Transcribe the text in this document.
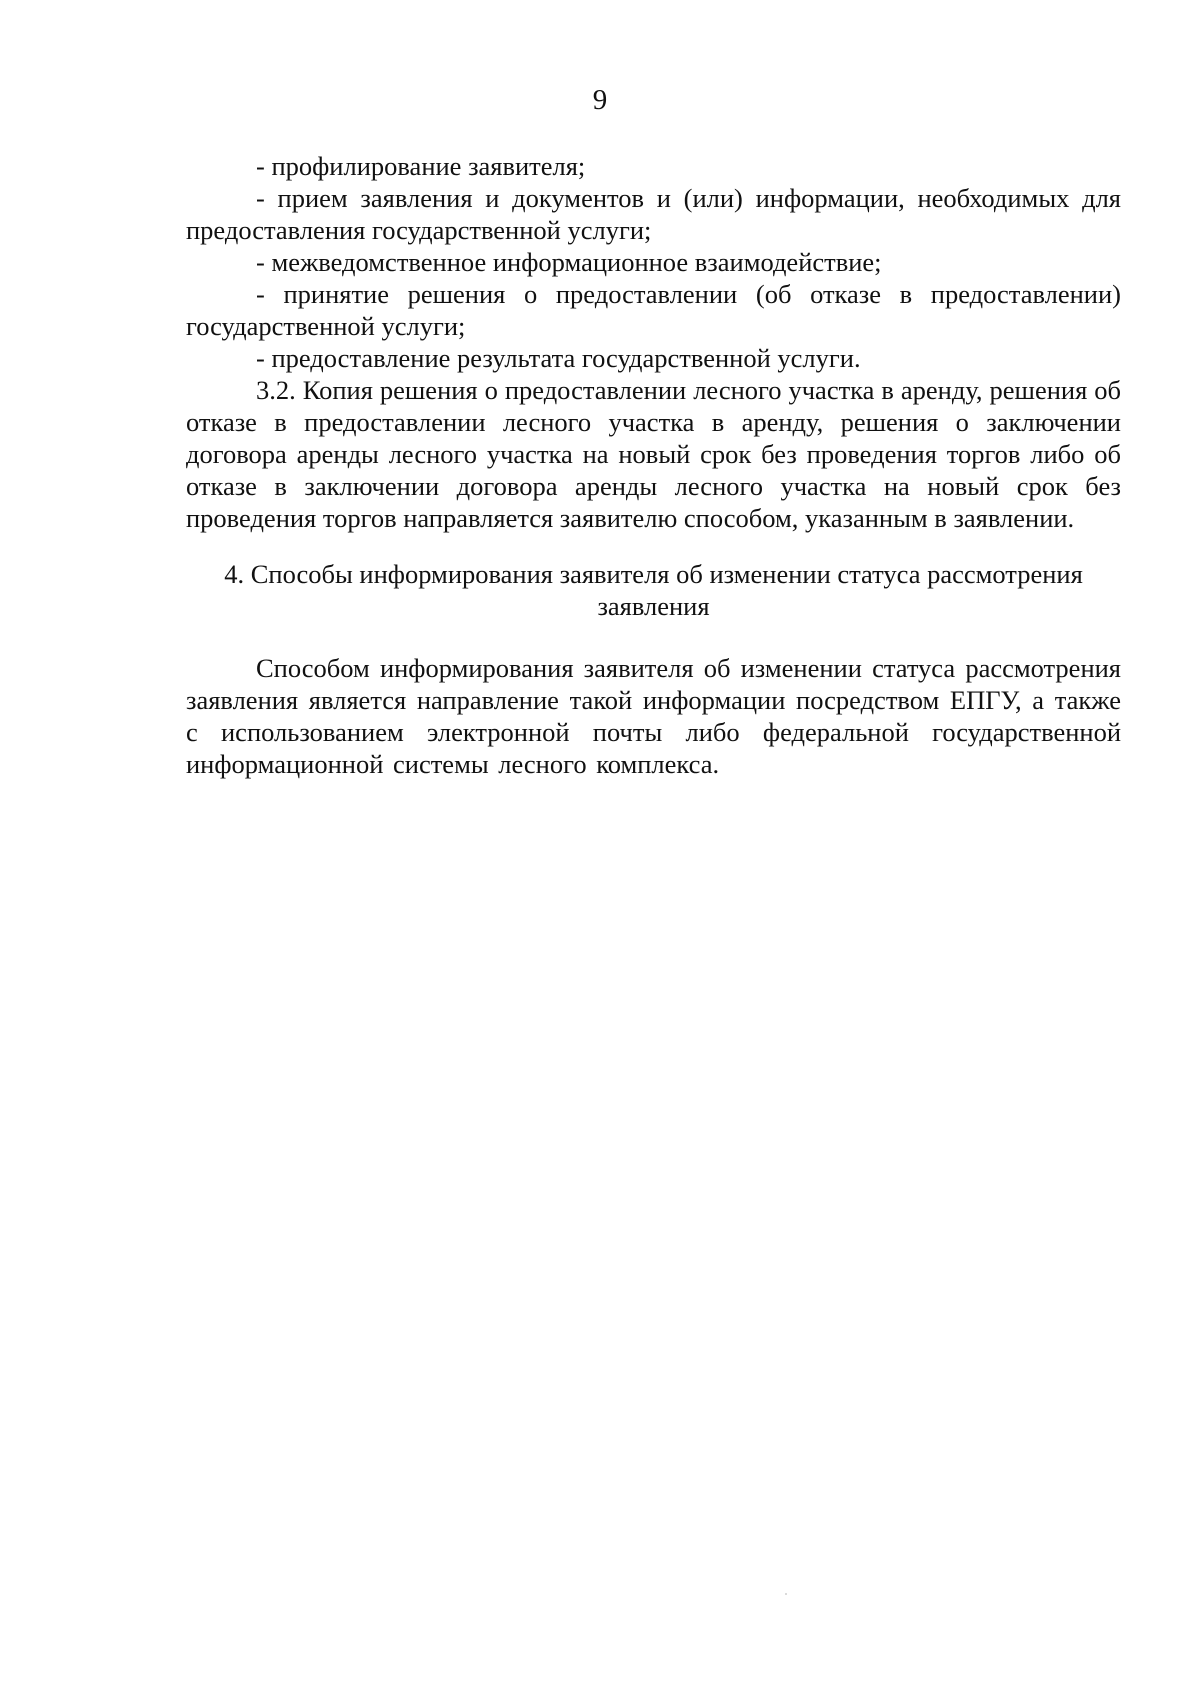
9

- профилирование заявителя;

- прием заявления и документов и (или) информации, необходимых для предоставления государственной услуги;

- межведомственное информационное взаимодействие;

- принятие решения о предоставлении (об отказе в предоставлении) государственной услуги;

- предоставление результата государственной услуги.

3.2. Копия решения о предоставлении лесного участка в аренду, решения об отказе в предоставлении лесного участка в аренду, решения о заключении договора аренды лесного участка на новый срок без проведения торгов либо об отказе в заключении договора аренды лесного участка на новый срок без проведения торгов направляется заявителю способом, указанным в заявлении.

4. Способы информирования заявителя об изменении статуса рассмотрения заявления

Способом информирования заявителя об изменении статуса рассмотрения заявления является направление такой информации посредством ЕПГУ, а также с использованием электронной почты либо федеральной государственной информационной системы лесного комплекса.
